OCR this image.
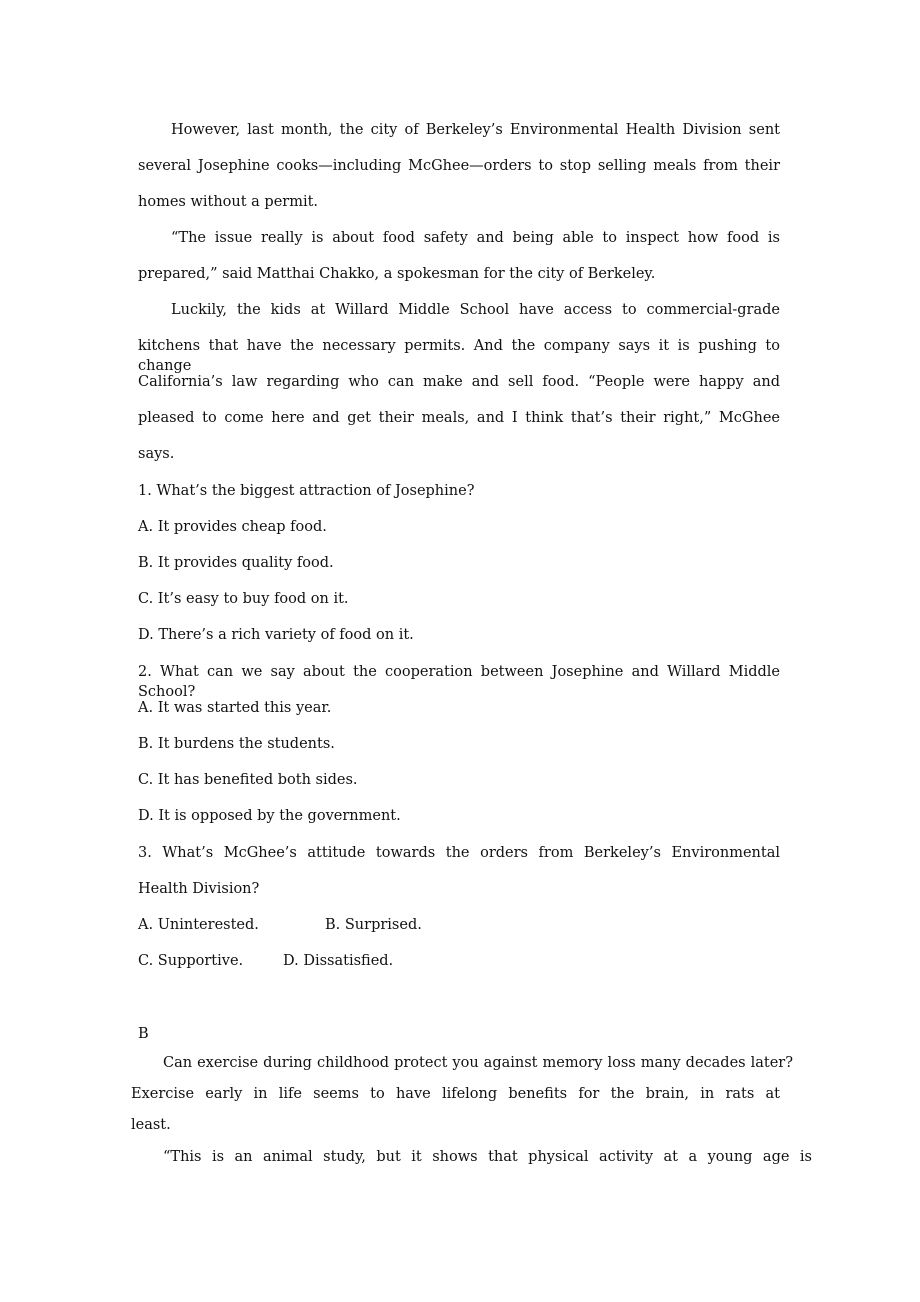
However, last month, the city of Berkeley’s Environmental Health Division sent
several Josephine cooks—including McGhee—orders to stop selling meals from their
homes without a permit.
“The issue really is about food safety and being able to inspect how food is
prepared,” said Matthai Chakko, a spokesman for the city of Berkeley.
Luckily, the kids at Willard Middle School have access to commercial-grade
kitchens that have the necessary permits. And the company says it is pushing to change
California’s law regarding who can make and sell food. “People were happy and
pleased to come here and get their meals, and I think that’s their right,” McGhee
says.
1. What’s the biggest attraction of Josephine?
A. It provides cheap food.
B. It provides quality food.
C. It’s easy to buy food on it.
D. There’s a rich variety of food on it.
2. What can we say about the cooperation between Josephine and Willard Middle School?
A. It was started this year.
B. It burdens the students.
C. It has benefited both sides.
D. It is opposed by the government.
3. What’s McGhee’s attitude towards the orders from Berkeley’s Environmental
Health Division?
A. Uninterested.	B. Surprised.
C. Supportive.	D. Dissatisfied.
B
Can exercise during childhood protect you against memory loss many decades later?
Exercise early in life seems to have lifelong benefits for the brain, in rats at
least.
“This is an animal study, but it shows that physical activity at a young age is
